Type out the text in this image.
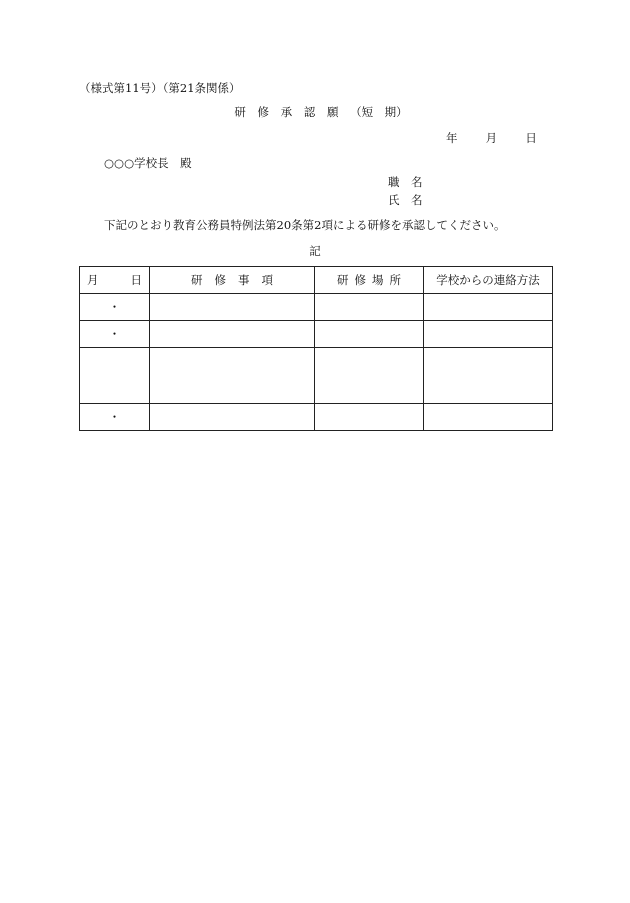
（様式第11号）（第21条関係）
研 修 承 認 願 （短　期）
年 月 日
○○○学校長　殿
職　名
氏　名
下記のとおり教育公務員特例法第20条第2項による研修を承認してください。
記
月 日	研 修 事 項	研 修 場 所	学校からの連絡方法
・			
・			

・			
